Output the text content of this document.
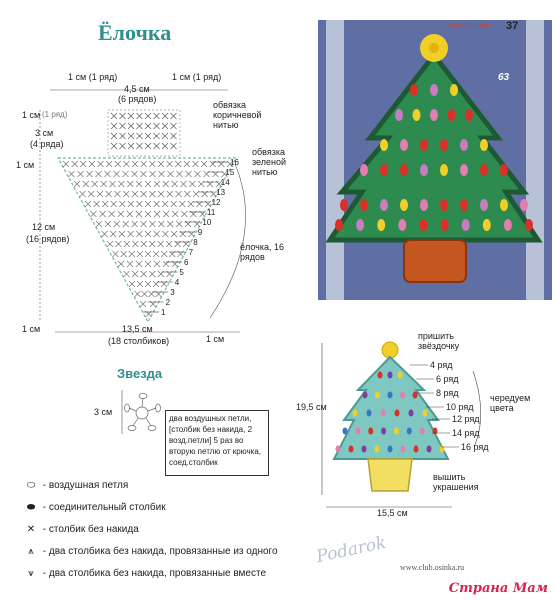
Ёлочка
1 см (1 ряд)	1 см (1 ряд)
4,5 см
(6 рядов)
1 см (1 ряд)
3 см
(4 ряда)
1 см
12 см
(16 рядов)
1 см
обвязка коричневой нитью
обвязка зеленой нитью
ёлочка, 16 рядов
13,5 см
(18 столбиков)	1 см
16
15
14
13
12
11
10
9
8
7
6
5
4
3
2
1
how to make 37
63
Звезда
3 см
два воздушных петли, [столбик без накида, 2 возд.петли] 5 раз во вторую петлю от крючка, соед.столбик
19,5 см
15,5 см
пришить звёздочку
4 ряд
6 ряд
8 ряд
10 ряд
12 ряд
14 ряд
16 ряд
чередуем цвета
вышить украшения
⬭ - воздушная петля
⬬ - соединительный столбик
✕ - столбик без накида
⩚ - два столбика без накида, провязанные из одного
⩛ - два столбика без накида, провязанные вместе
Podarok
www.club.osinka.ru
Страна Мам
